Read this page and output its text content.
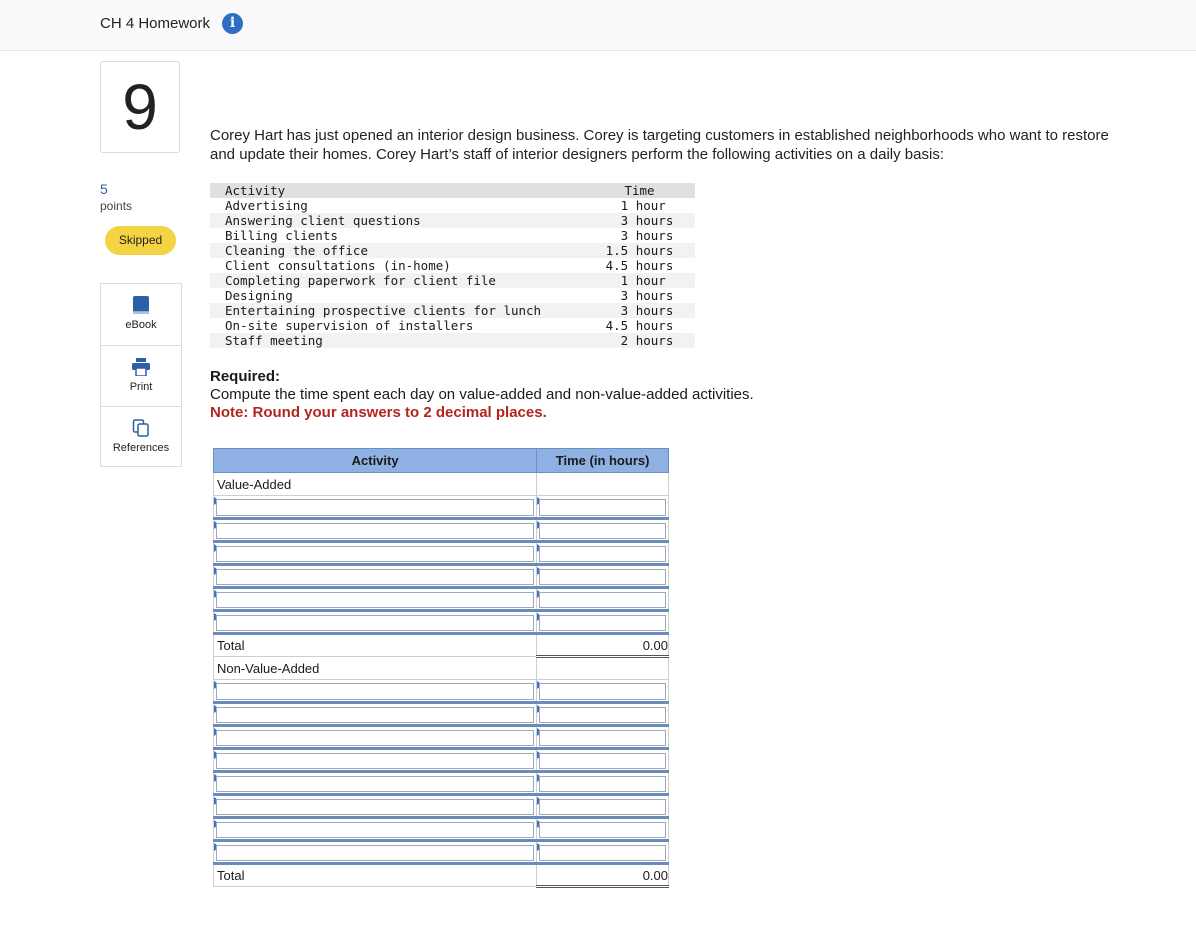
CH 4 Homework	i
9
5
points
Skipped
eBook
Print
References
Corey Hart has just opened an interior design business. Corey is targeting customers in established neighborhoods who want to restore and update their homes. Corey Hart’s staff of interior designers perform the following activities on a daily basis:
Activity	Time
Advertising	1 hour
Answering client questions	3 hours
Billing clients	3 hours
Cleaning the office	1.5 hours
Client consultations (in-home)	4.5 hours
Completing paperwork for client file	1 hour
Designing	3 hours
Entertaining prospective clients for lunch	3 hours
On-site supervision of installers	4.5 hours
Staff meeting	2 hours
Required:
Compute the time spent each day on value-added and non-value-added activities.
Note: Round your answers to 2 decimal places.
Activity	Time (in hours)
Value-Added	

Total	0.00
Non-Value-Added	

Total	0.00
